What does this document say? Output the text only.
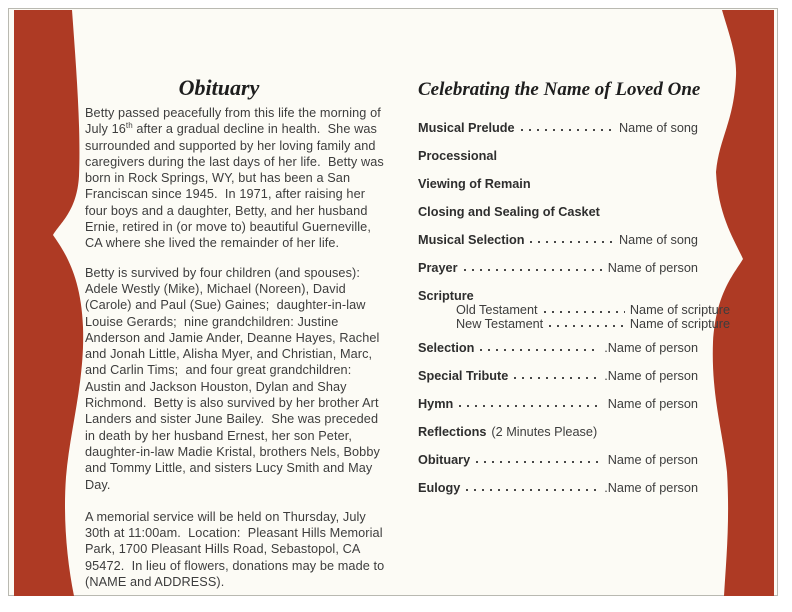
Obituary

Betty passed peacefully from this life the morning of July 16th after a gradual decline in health.  She was surrounded and supported by her loving family and caregivers during the last days of her life.  Betty was born in Rock Springs, WY, but has been a San Franciscan since 1945.  In 1971, after raising her four boys and a daughter, Betty, and her husband Ernie, retired in (or move to) beautiful Guerneville, CA where she lived the remainder of her life.

Betty is survived by four children (and spouses): Adele Westly (Mike), Michael (Noreen), David (Carole) and Paul (Sue) Gaines;  daughter-in-law Louise Gerards;  nine grandchildren: Justine Anderson and Jamie Ander, Deanne Hayes, Rachel and Jonah Little, Alisha Myer, and Christian, Marc, and Carlin Tims;  and four great grandchildren: Austin and Jackson Houston, Dylan and Shay Richmond.  Betty is also survived by her brother Art Landers and sister June Bailey.  She was preceded in death by her husband Ernest, her son Peter, daughter-in-law Madie Kristal, brothers Nels, Bobby and Tommy Little, and sisters Lucy Smith and May Day.

A memorial service will be held on Thursday, July 30th at 11:00am.  Location:  Pleasant Hills Memorial Park, 1700 Pleasant Hills Road, Sebastopol, CA 95472.  In lieu of flowers, donations may be made to (NAME and ADDRESS).

Celebrating the Name of Loved One
Musical Prelude	Name of song
Processional
Viewing of Remain
Closing and Sealing of Casket
Musical Selection	Name of song
Prayer	Name of person
Scripture
Old Testament	Name of scripture
New Testament	Name of scripture
Selection	.Name of person
Special Tribute	.Name of person
Hymn	Name of person
Reflections (2 Minutes Please)
Obituary	Name of person
Eulogy	.Name of person
